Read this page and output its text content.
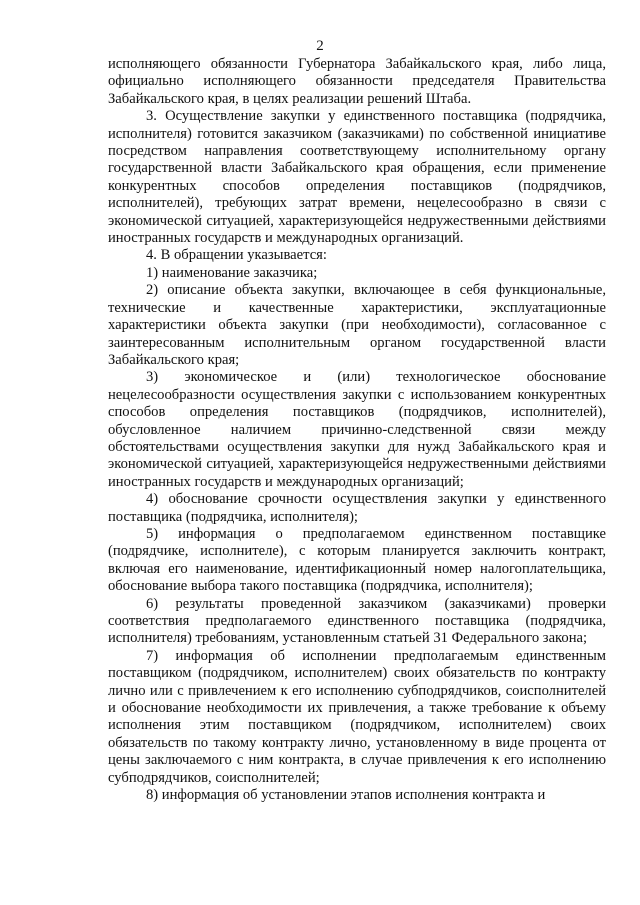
2

исполняющего обязанности Губернатора Забайкальского края, либо лица, официально исполняющего обязанности председателя Правительства Забайкальского края, в целях реализации решений Штаба.

3. Осуществление закупки у единственного поставщика (подрядчика, исполнителя) готовится заказчиком (заказчиками) по собственной инициативе посредством направления соответствующему исполнительному органу государственной власти Забайкальского края обращения, если применение конкурентных способов определения поставщиков (подрядчиков, исполнителей), требующих затрат времени, нецелесообразно в связи с экономической ситуацией, характеризующейся недружественными действиями иностранных государств и международных организаций.

4. В обращении указывается:

1) наименование заказчика;

2) описание объекта закупки, включающее в себя функциональные, технические и качественные характеристики, эксплуатационные характеристики объекта закупки (при необходимости), согласованное с заинтересованным исполнительным органом государственной власти Забайкальского края;

3) экономическое и (или) технологическое обоснование нецелесообразности осуществления закупки с использованием конкурентных способов определения поставщиков (подрядчиков, исполнителей), обусловленное наличием причинно-следственной связи между обстоятельствами осуществления закупки для нужд Забайкальского края и экономической ситуацией, характеризующейся недружественными действиями иностранных государств и международных организаций;

4) обоснование срочности осуществления закупки у единственного поставщика (подрядчика, исполнителя);

5) информация о предполагаемом единственном поставщике (подрядчике, исполнителе), с которым планируется заключить контракт, включая его наименование, идентификационный номер налогоплательщика, обоснование выбора такого поставщика (подрядчика, исполнителя);

6) результаты проведенной заказчиком (заказчиками) проверки соответствия предполагаемого единственного поставщика (подрядчика, исполнителя) требованиям, установленным статьей 31 Федерального закона;

7) информация об исполнении предполагаемым единственным поставщиком (подрядчиком, исполнителем) своих обязательств по контракту лично или с привлечением к его исполнению субподрядчиков, соисполнителей и обоснование необходимости их привлечения, а также требование к объему исполнения этим поставщиком (подрядчиком, исполнителем) своих обязательств по такому контракту лично, установленному в виде процента от цены заключаемого с ним контракта, в случае привлечения к его исполнению субподрядчиков, соисполнителей;

8) информация об установлении этапов исполнения контракта и
